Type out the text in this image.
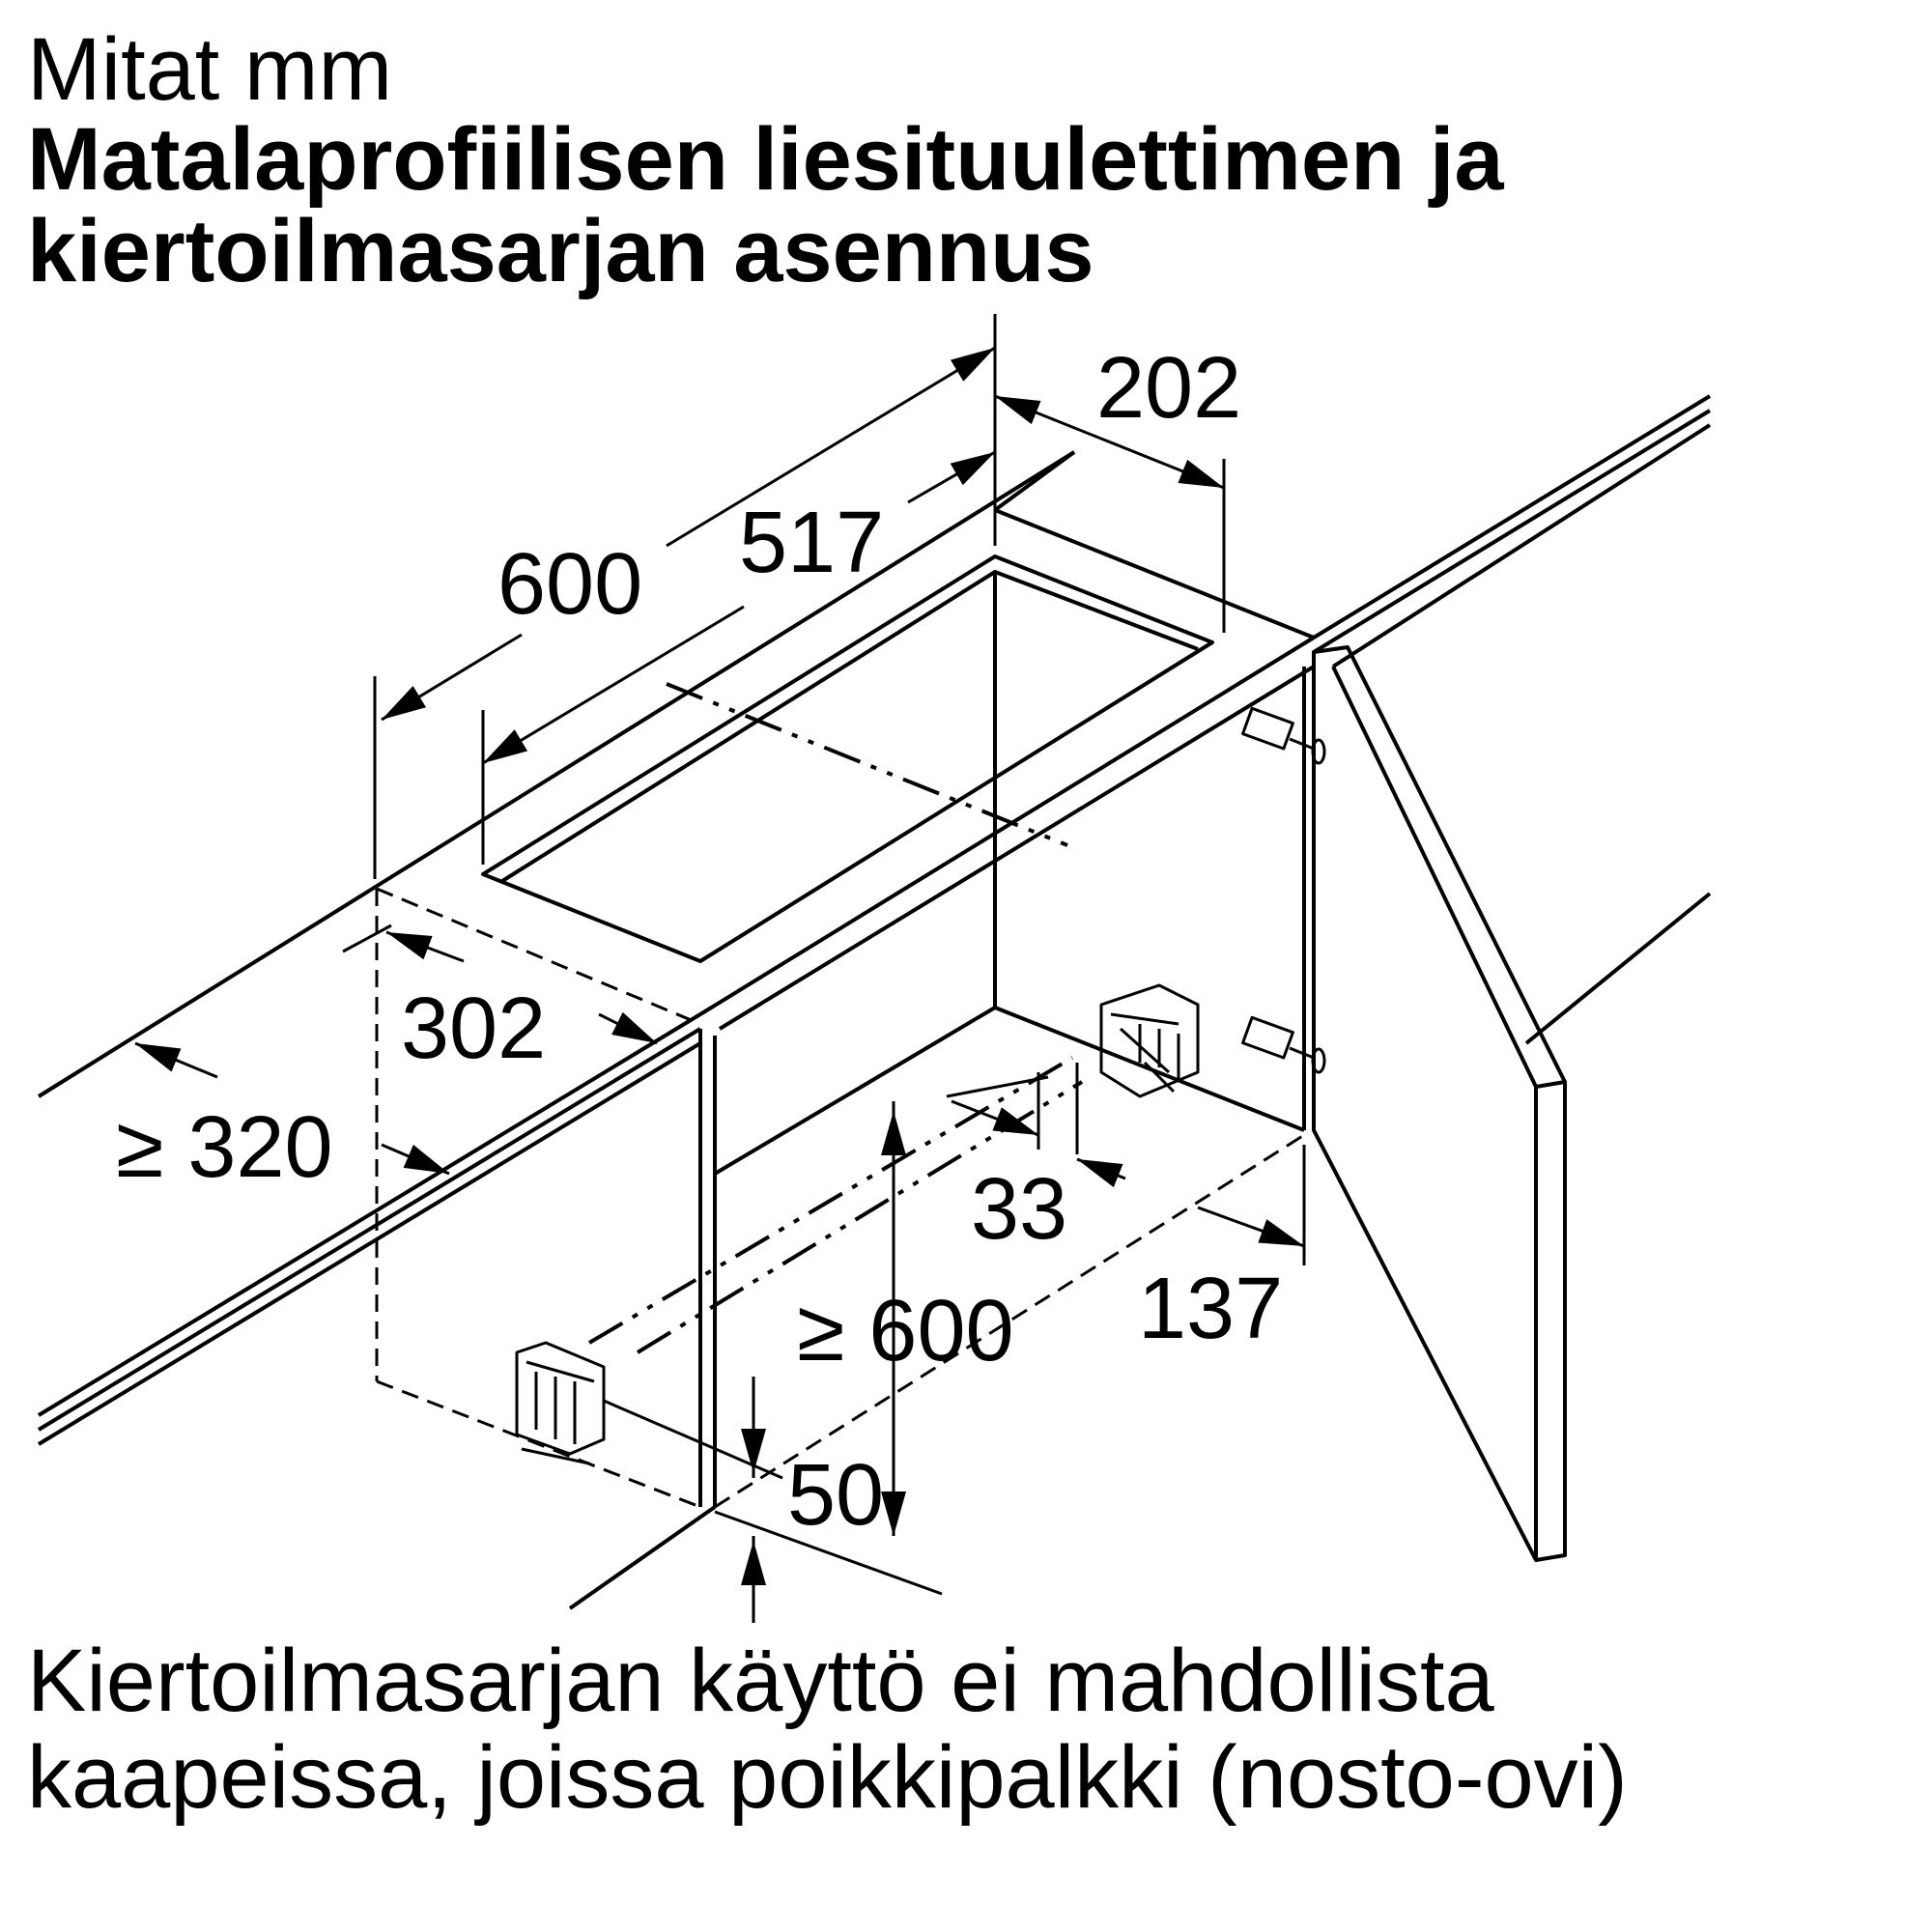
Mitat mm
Matalaprofiilisen liesituulettimen ja
kiertoilmasarjan asennus
202
600 517
302
≥ 320
33
137
≥ 600
50
Kiertoilmasarjan käyttö ei mahdollista
kaapeissa, joissa poikkipalkki (nosto-ovi)
